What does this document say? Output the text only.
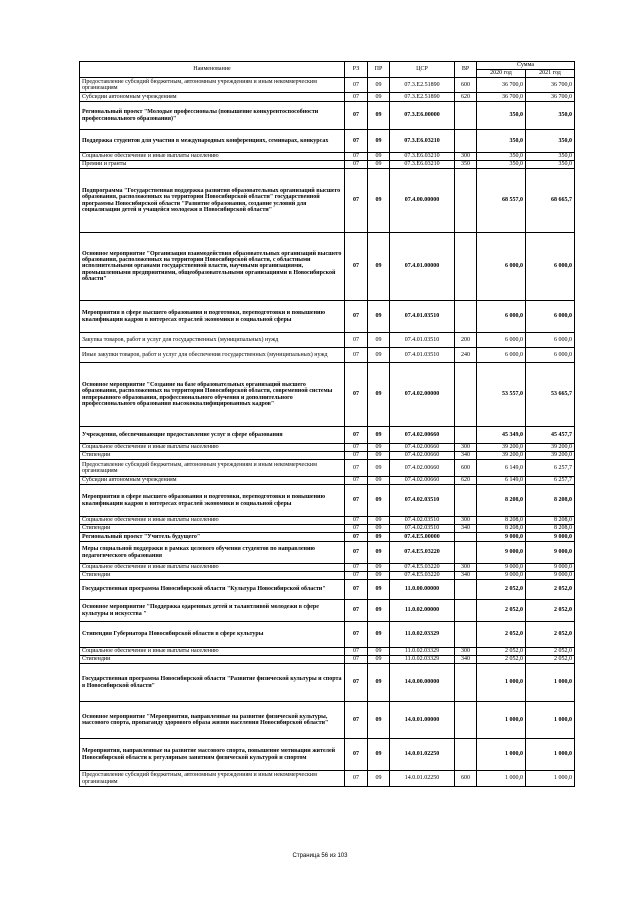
Наименование	РЗ	ПР	ЦСР	ВР	Сумма	
					2020 год	2021 год
Предоставление субсидий бюджетным, автономным учреждениям и иным некоммерческим организациям	07	09	07.3.E2.51890	600	36 700,0	36 700,0
Субсидии автономным учреждениям	07	09	07.3.E2.51890	620	36 700,0	36 700,0
Региональный проект "Молодые профессионалы (повышение конкурентоспособности профессионального образования)"	07	09	07.3.E6.00000		350,0	350,0
Поддержка студентов для участия в международных конференциях, семинарах, конкурсах	07	09	07.3.E6.03210		350,0	350,0
Социальное обеспечение и иные выплаты населению	07	09	07.3.E6.03210	300	350,0	350,0
Премии и гранты	07	09	07.3.E6.03210	350	350,0	350,0
Подпрограмма "Государственная поддержка развития образовательных организаций высшего образования, расположенных на территории Новосибирской области" государственной программы Новосибирской области "Развитие образования, создание условий для социализации детей и учащейся молодежи в Новосибирской области"	07	09	07.4.00.00000		68 557,0	68 665,7
Основное мероприятие "Организация взаимодействия образовательных организаций высшего образования, расположенных на территории Новосибирской области, с областными исполнительными органами государственной власти, научными организациями, промышленными предприятиями, общеобразовательными организациями в Новосибирской области"	07	09	07.4.01.00000		6 000,0	6 000,0
Мероприятия в сфере высшего образования и подготовки, переподготовки и повышению квалификации кадров в интересах отраслей экономики и социальной сферы	07	09	07.4.01.03510		6 000,0	6 000,0
Закупка товаров, работ и услуг для государственных (муниципальных) нужд	07	09	07.4.01.03510	200	6 000,0	6 000,0
Иные закупки товаров, работ и услуг для обеспечения государственных (муниципальных) нужд	07	09	07.4.01.03510	240	6 000,0	6 000,0
Основное мероприятие "Создание на базе образовательных организаций высшего образования, расположенных на территории Новосибирской области, современной системы непрерывного образования, профессионального обучения и дополнительного профессионального образования высококвалифицированных кадров"	07	09	07.4.02.00000		53 557,0	53 665,7
Учреждения, обеспечивающие предоставление услуг в сфере образования	07	09	07.4.02.00660		45 349,0	45 457,7
Социальное обеспечение и иные выплаты населению	07	09	07.4.02.00660	300	39 200,0	39 200,0
Стипендии	07	09	07.4.02.00660	340	39 200,0	39 200,0
Предоставление субсидий бюджетным, автономным учреждениям и иным некоммерческим организациям	07	09	07.4.02.00660	600	6 149,0	6 257,7
Субсидии автономным учреждениям	07	09	07.4.02.00660	620	6 149,0	6 257,7
Мероприятия в сфере высшего образования и подготовки, переподготовки и повышению квалификации кадров в интересах отраслей экономики и социальной сферы	07	09	07.4.02.03510		8 208,0	8 208,0
Социальное обеспечение и иные выплаты населению	07	09	07.4.02.03510	300	8 208,0	8 208,0
Стипендии	07	09	07.4.02.03510	340	8 208,0	8 208,0
Региональный проект "Учитель будущего"	07	09	07.4.E5.00000		9 000,0	9 000,0
Меры социальной поддержки в рамках целевого обучения студентов по направлению педагогического образования	07	09	07.4.E5.03220		9 000,0	9 000,0
Социальное обеспечение и иные выплаты населению	07	09	07.4.E5.03220	300	9 000,0	9 000,0
Стипендии	07	09	07.4.E5.03220	340	9 000,0	9 000,0
Государственная программа Новосибирской области "Культура Новосибирской области"	07	09	11.0.00.00000		2 052,0	2 052,0
Основное мероприятие "Поддержка одаренных детей и талантливой молодежи в сфере культуры и искусства "	07	09	11.0.02.00000		2 052,0	2 052,0
Стипендия Губернатора Новосибирской области в сфере культуры	07	09	11.0.02.03329		2 052,0	2 052,0
Социальное обеспечение и иные выплаты населению	07	09	11.0.02.03329	300	2 052,0	2 052,0
Стипендии	07	09	11.0.02.03329	340	2 052,0	2 052,0
Государственная программа Новосибирской области "Развитие физической культуры и спорта в Новосибирской области"	07	09	14.0.00.00000		1 000,0	1 000,0
Основное мероприятие "Мероприятия, направленные на развитие физической культуры, массового спорта, пропаганду здорового образа жизни населения Новосибирской области"	07	09	14.0.01.00000		1 000,0	1 000,0
Мероприятия, направленные на развитие массового спорта, повышение мотивации жителей Новосибирской области к регулярным занятиям физической культурой и спортом	07	09	14.0.01.02250		1 000,0	1 000,0
Предоставление субсидий бюджетным, автономным учреждениям и иным некоммерческим организациям	07	09	14.0.01.02250	600	1 000,0	1 000,0
Страница 56 из 103
